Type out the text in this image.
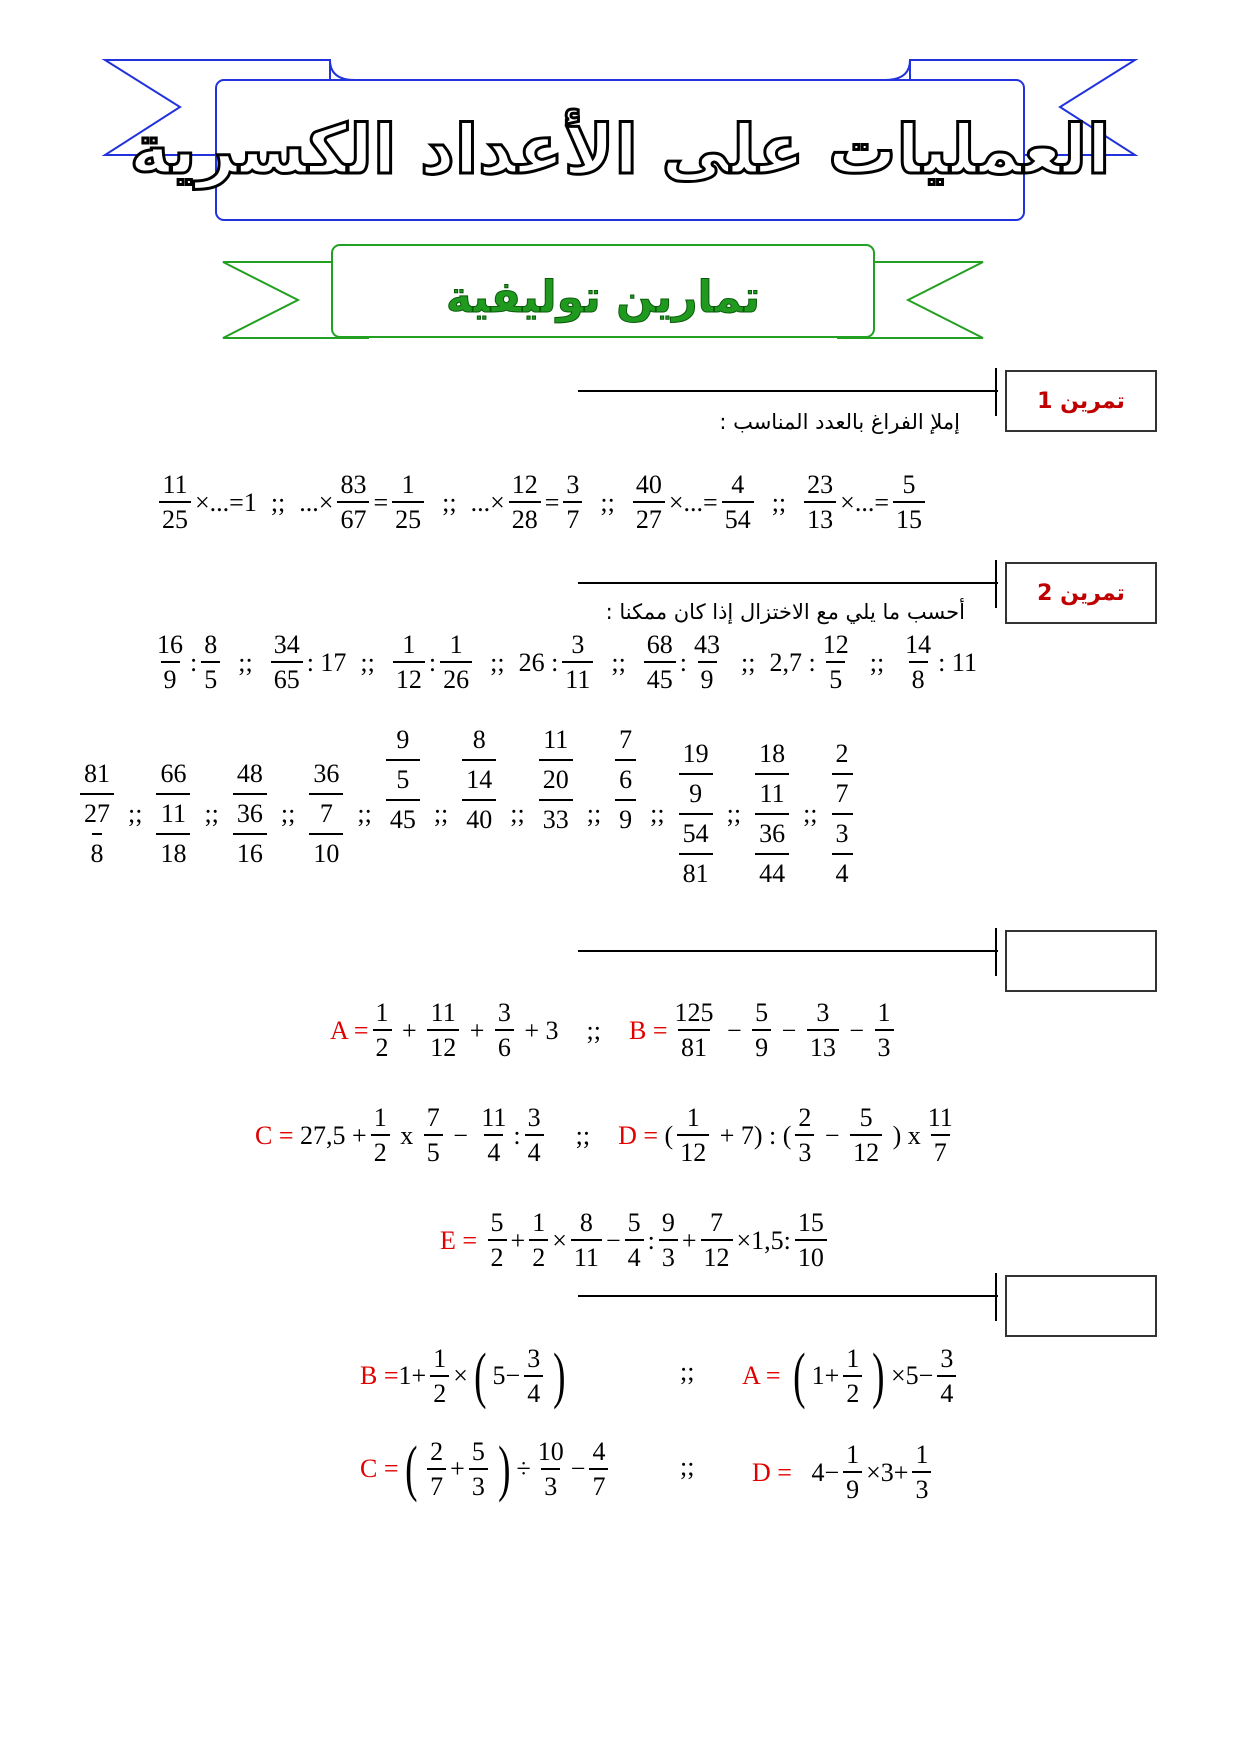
العمليات على الأعداد الكسرية
تمارين توليفية
تمرين 1
إملإ الفراغ بالعدد المناسب :
$\frac{11}{25} \times...=1$ ;; ...× $\frac{83}{67} = \frac{1}{25}$ ;; ...× $\frac{12}{28} = \frac{3}{7}$ ;; $\frac{40}{27}$ ×...= $\frac{4}{54}$ ;; $\frac{23}{13}$ ×...= $\frac{5}{15}$
تمرين 2
أحسب ما يلي مع الاختزال إذا كان ممكنا :
$\frac{16}{9}$ : $\frac{8}{5}$ ;; $\frac{34}{65}$ :
17 ;; $\frac{1}{12}$ : $\frac{1}{26}$ ;; 26
: $\frac{3}{11}$ ;; $\frac{68}{45}$ : $\frac{43}{9}$ ;; 2,7
: $\frac{12}{5}$ ;; $\frac{14}{8}$ :
11
81
27
8
;;
66
11
18
;;
48
36
16
;;
36
7
10
;;
9
5
45 ;;
8
14
40 ;;
11
20
33 ;;
7
6
9 ;;
19
9
54
81
;;
18
11
36
44
;;
2
7
3
4
$A = \frac{1}{2} + \frac{11}{12} + \frac{3}{6}$
+ 3 ;; $B = \frac{125}{81} - \frac{5}{9} - \frac{3}{13} - \frac{1}{3}$
C =
$27,5 + \frac{1}{2}$
x
$\frac{7}{5} - \frac{11}{4}$ : $\frac{3}{4}$ ;; D = ( $\frac{1}{12}$
+ 7) : ( $\frac{2}{3} - \frac{5}{12}$
) x $\frac{11}{7}$
E =
$\frac{5}{2} + \frac{1}{2} \times \frac{8}{11} - \frac{5}{4}$ : $\frac{9}{3} + \frac{7}{12} \times 1,5$: $\frac{15}{10}$
$B = 1+ \frac{1}{2}$ × ( $5- \frac{3}{4}$ )	;; A =
( $1+ \frac{1}{2}$ ) $\times 5- \frac{3}{4}$
C = ( $\frac{2}{7} + \frac{5}{3}$ ) ÷ $\frac{10}{3} - \frac{4}{7}$	;; D =
$4- \frac{1}{9} \times 3+ \frac{1}{3}$
